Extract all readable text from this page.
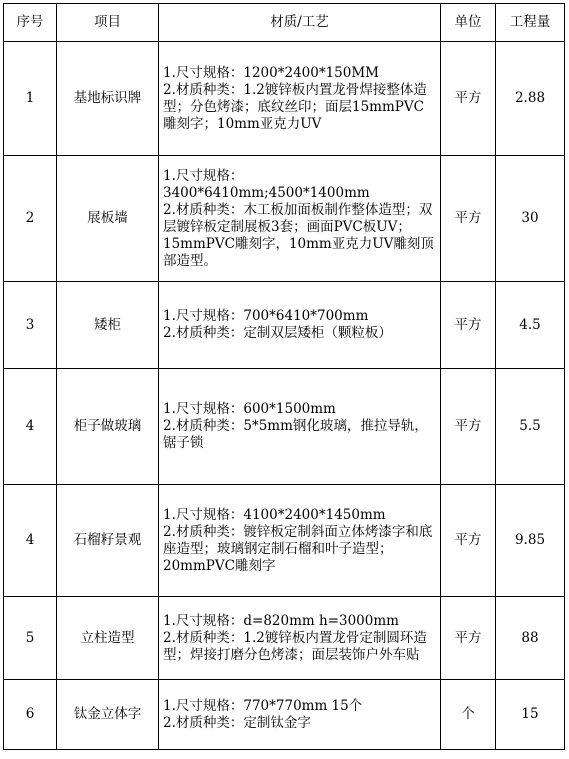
序号	项目	材质/工艺	单位	工程量
1	基地标识牌	1.尺寸规格：1200*2400*150MM
2.材质种类：1.2镀锌板内置龙骨焊接整体造型；分色烤漆；底纹丝印；面层15mmPVC雕刻字；10mm亚克力UV	平方	2.88
2	展板墙	1.尺寸规格：
3400*6410mm;4500*1400mm
2.材质种类：木工板加面板制作整体造型；双层镀锌板定制展板3套；画面PVC板UV；15mmPVC雕刻字，10mm亚克力UV雕刻顶部造型。	平方	30
3	矮柜	1.尺寸规格：700*6410*700mm
2.材质种类：定制双层矮柜（颗粒板）	平方	4.5
4	柜子做玻璃	1.尺寸规格：600*1500mm
2.材质种类：5*5mm钢化玻璃，推拉导轨，锯子锁	平方	5.5
4	石榴籽景观	1.尺寸规格：4100*2400*1450mm
2.材质种类：镀锌板定制斜面立体烤漆字和底座造型；玻璃钢定制石榴和叶子造型；20mmPVC雕刻字	平方	9.85
5	立柱造型	1.尺寸规格：d=820mm h=3000mm
2.材质种类：1.2镀锌板内置龙骨定制圆环造型；焊接打磨分色烤漆；面层装饰户外车贴	平方	88
6	钛金立体字	1.尺寸规格：770*770mm 15个
2.材质种类：定制钛金字	个	15
